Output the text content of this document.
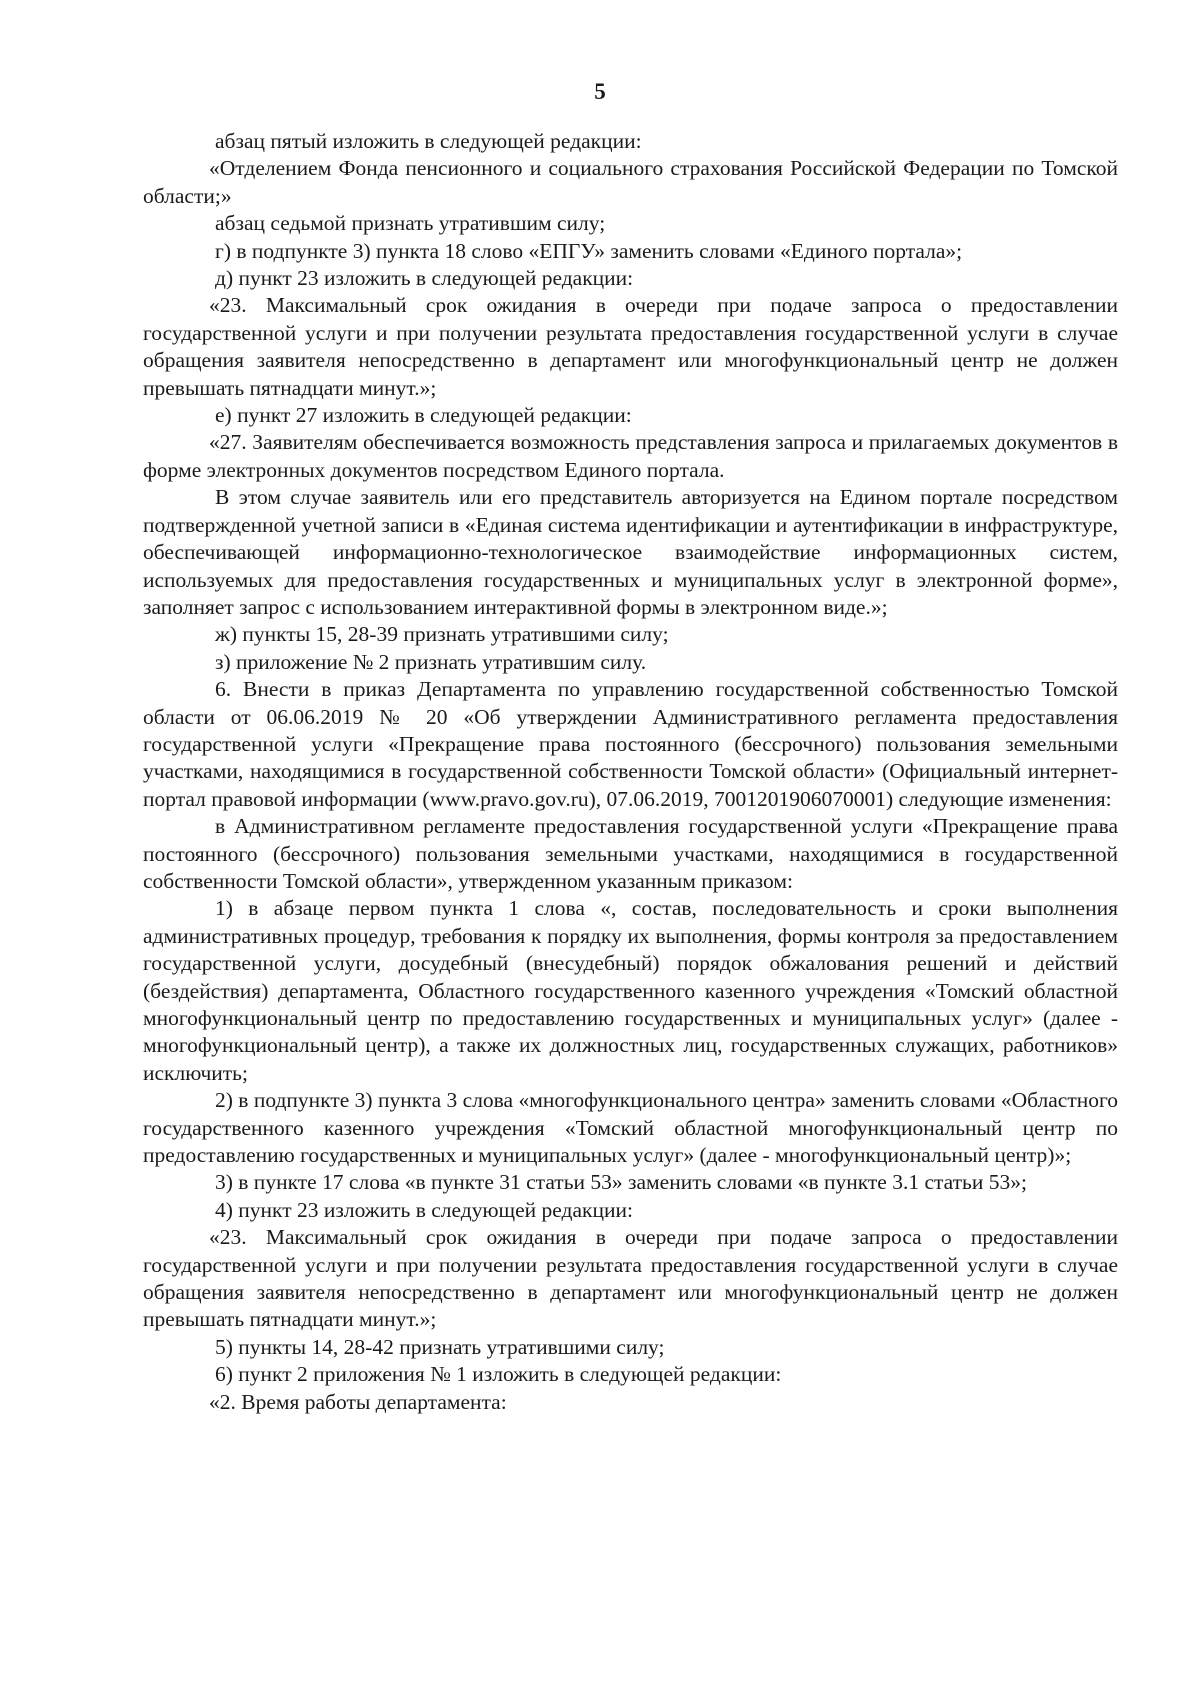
5

абзац пятый изложить в следующей редакции:

«Отделением Фонда пенсионного и социального страхования Российской Федерации по Томской области;»

абзац седьмой признать утратившим силу;

г) в подпункте 3) пункта 18 слово «ЕПГУ» заменить словами «Единого портала»;

д) пункт 23 изложить в следующей редакции:

«23. Максимальный срок ожидания в очереди при подаче запроса о предоставлении государственной услуги и при получении результата предоставления государственной услуги в случае обращения заявителя непосредственно в департамент или многофункциональный центр не должен превышать пятнадцати минут.»;

е) пункт 27 изложить в следующей редакции:

«27. Заявителям обеспечивается возможность представления запроса и прилагаемых документов в форме электронных документов посредством Единого портала.

В этом случае заявитель или его представитель авторизуется на Едином портале посредством подтвержденной учетной записи в «Единая система идентификации и аутентификации в инфраструктуре, обеспечивающей информационно-технологическое взаимодействие информационных систем, используемых для предоставления государственных и муниципальных услуг в электронной форме», заполняет запрос с использованием интерактивной формы в электронном виде.»;

ж) пункты 15, 28-39 признать утратившими силу;

з) приложение № 2 признать утратившим силу.

6. Внести в приказ Департамента по управлению государственной собственностью Томской области от 06.06.2019 № 20 «Об утверждении Административного регламента предоставления государственной услуги «Прекращение права постоянного (бессрочного) пользования земельными участками, находящимися в государственной собственности Томской области» (Официальный интернет-портал правовой информации (www.pravo.gov.ru), 07.06.2019, 7001201906070001) следующие изменения:

в Административном регламенте предоставления государственной услуги «Прекращение права постоянного (бессрочного) пользования земельными участками, находящимися в государственной собственности Томской области», утвержденном указанным приказом:

1) в абзаце первом пункта 1 слова «, состав, последовательность и сроки выполнения административных процедур, требования к порядку их выполнения, формы контроля за предоставлением государственной услуги, досудебный (внесудебный) порядок обжалования решений и действий (бездействия) департамента, Областного государственного казенного учреждения «Томский областной многофункциональный центр по предоставлению государственных и муниципальных услуг» (далее - многофункциональный центр), а также их должностных лиц, государственных служащих, работников» исключить;

2) в подпункте 3) пункта 3 слова «многофункционального центра» заменить словами «Областного государственного казенного учреждения «Томский областной многофункциональный центр по предоставлению государственных и муниципальных услуг» (далее - многофункциональный центр)»;

3) в пункте 17 слова «в пункте 31 статьи 53» заменить словами «в пункте 3.1 статьи 53»;

4) пункт 23 изложить в следующей редакции:

«23. Максимальный срок ожидания в очереди при подаче запроса о предоставлении государственной услуги и при получении результата предоставления государственной услуги в случае обращения заявителя непосредственно в департамент или многофункциональный центр не должен превышать пятнадцати минут.»;

5) пункты 14, 28-42 признать утратившими силу;

6) пункт 2 приложения № 1 изложить в следующей редакции:

«2. Время работы департамента:
